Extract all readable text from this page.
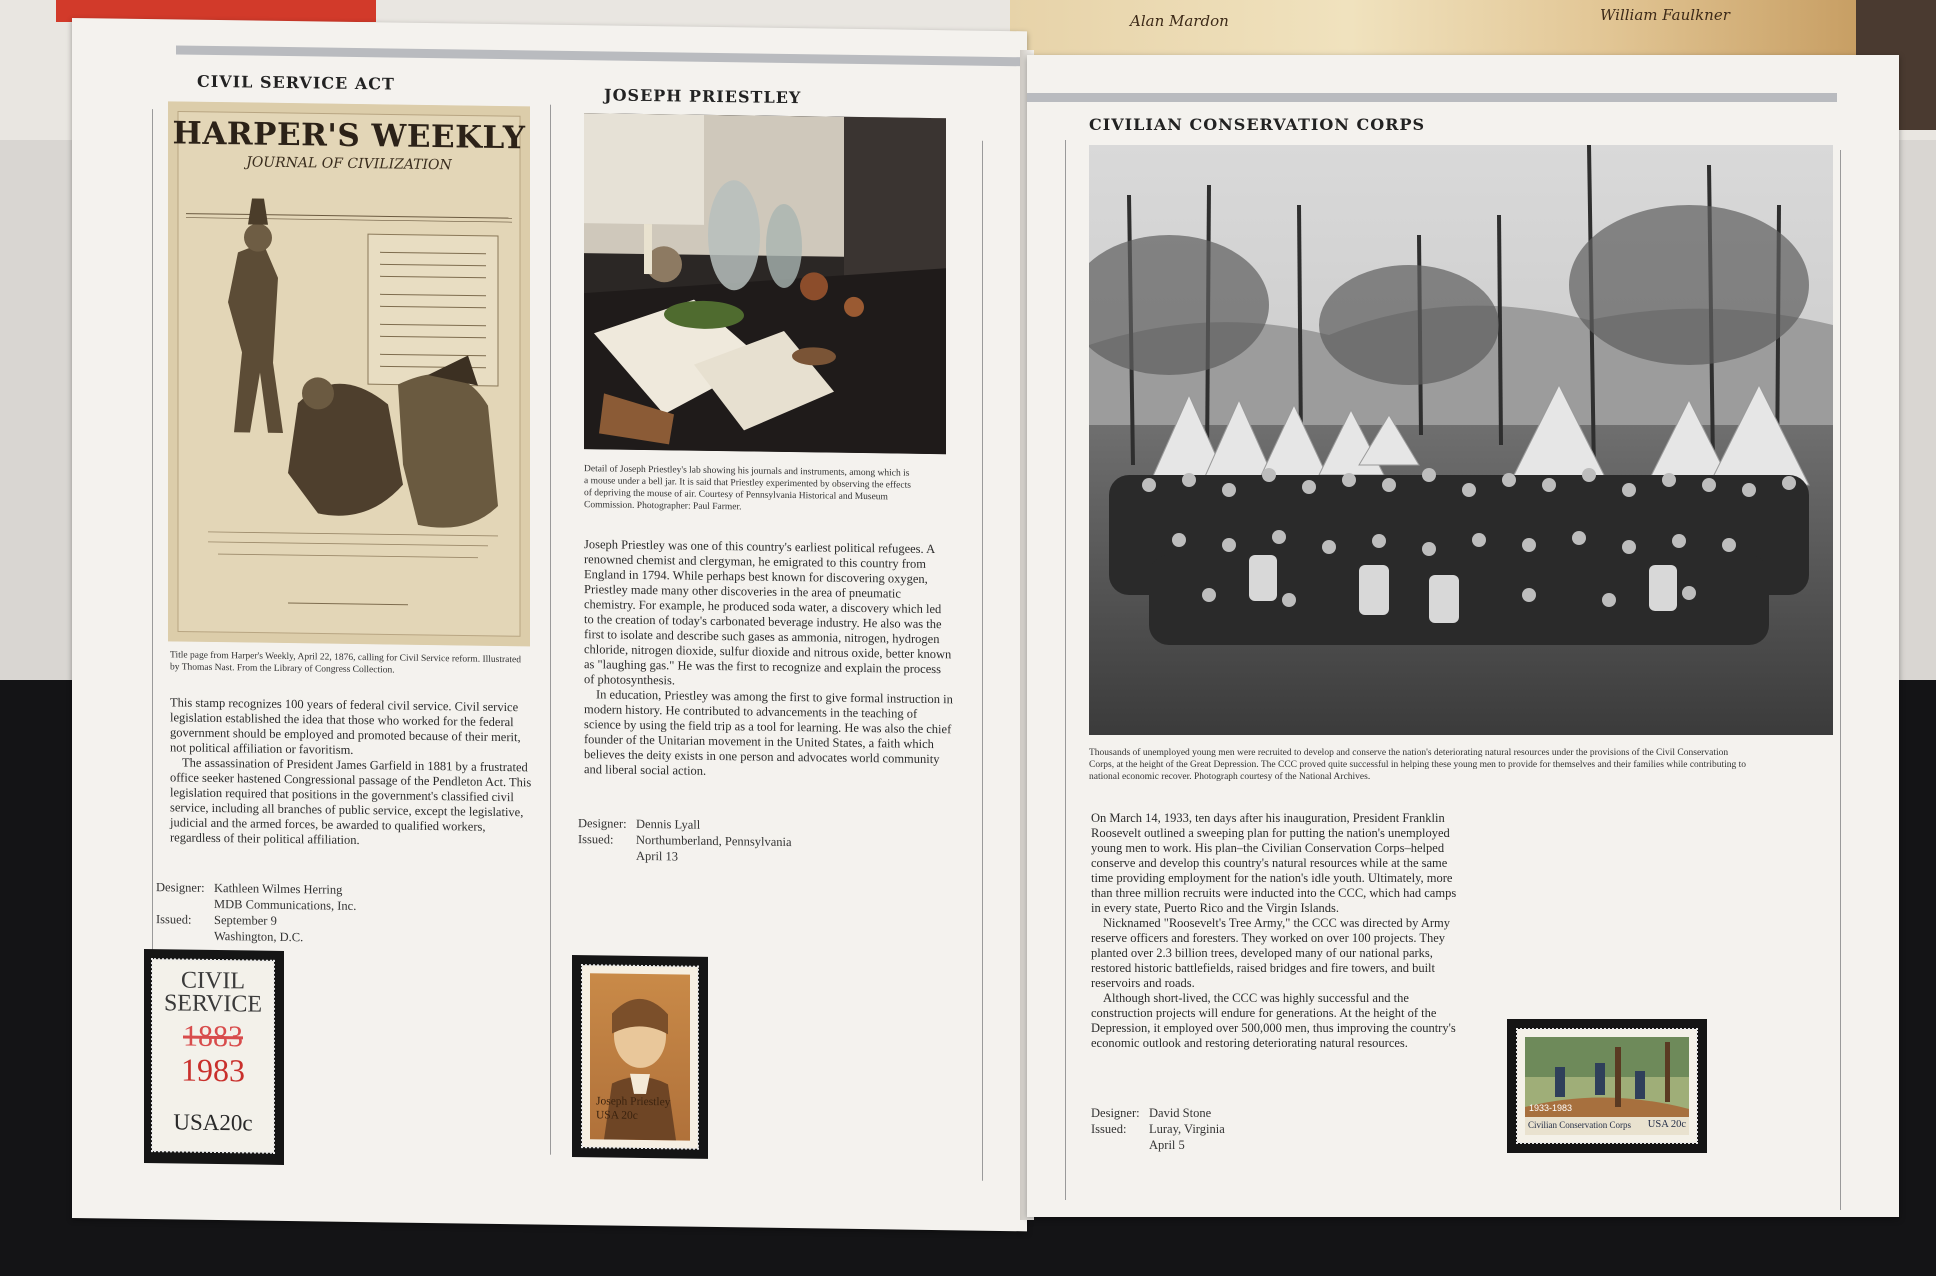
Alan Mardon	William Faulkner
CIVIL SERVICE ACT
HARPER'S WEEKLY
JOURNAL OF CIVILIZATION

Title page from Harper's Weekly, April 22, 1876, calling for Civil Service reform. Illustrated by Thomas Nast. From the Library of Congress Collection.

This stamp recognizes 100 years of federal civil service. Civil service legislation established the idea that those who worked for the federal government should be employed and promoted because of their merit, not political affiliation or favoritism.

The assassination of President James Garfield in 1881 by a frustrated office seeker hastened Congressional passage of the Pendleton Act. This legislation required that positions in the government's classified civil service, including all branches of public service, except the legislative, judicial and the armed forces, be awarded to qualified workers, regardless of their political affiliation.

Designer: Kathleen Wilmes Herring
MDB Communications, Inc.
Issued:	September 9
Washington, D.C.
CIVIL
SERVICE
1883
1983
USA20c
JOSEPH PRIESTLEY

Detail of Joseph Priestley's lab showing his journals and instruments, among which is a mouse under a bell jar. It is said that Priestley experimented by observing the effects of depriving the mouse of air. Courtesy of Pennsylvania Historical and Museum Commission. Photographer: Paul Farmer.

Joseph Priestley was one of this country's earliest political refugees. A renowned chemist and clergyman, he emigrated to this country from England in 1794. While perhaps best known for discovering oxygen, Priestley made many other discoveries in the area of pneumatic chemistry. For example, he produced soda water, a discovery which led to the creation of today's carbonated beverage industry. He also was the first to isolate and describe such gases as ammonia, nitrogen, hydrogen chloride, nitrogen dioxide, sulfur dioxide and nitrous oxide, better known as "laughing gas." He was the first to recognize and explain the process of photosynthesis.

In education, Priestley was among the first to give formal instruction in modern history. He contributed to advancements in the teaching of science by using the field trip as a tool for learning. He was also the chief founder of the Unitarian movement in the United States, a faith which believes the deity exists in one person and advocates world community and liberal social action.

Designer: Dennis Lyall
Issued:	Northumberland, Pennsylvania
April 13
Joseph Priestley
USA 20c
CIVILIAN CONSERVATION CORPS

Thousands of unemployed young men were recruited to develop and conserve the nation's deteriorating natural resources under the provisions of the Civil Conservation Corps, at the height of the Great Depression. The CCC proved quite successful in helping these young men to provide for themselves and their families while contributing to national economic recover. Photograph courtesy of the National Archives.

On March 14, 1933, ten days after his inauguration, President Franklin Roosevelt outlined a sweeping plan for putting the nation's unemployed young men to work. His plan–the Civilian Conservation Corps–helped conserve and develop this country's natural resources while at the same time providing employment for the nation's idle youth. Ultimately, more than three million recruits were inducted into the CCC, which had camps in every state, Puerto Rico and the Virgin Islands.

Nicknamed "Roosevelt's Tree Army," the CCC was directed by Army reserve officers and foresters. They worked on over 100 projects. They planted over 2.3 billion trees, developed many of our national parks, restored historic battlefields, raised bridges and fire towers, and built reservoirs and roads.

Although short-lived, the CCC was highly successful and the construction projects will endure for generations. At the height of the Depression, it employed over 500,000 men, thus improving the country's economic outlook and restoring deteriorating natural resources.

Designer: David Stone
Issued:	Luray, Virginia
April 5
1933-1983
Civilian Conservation Corps USA 20c
